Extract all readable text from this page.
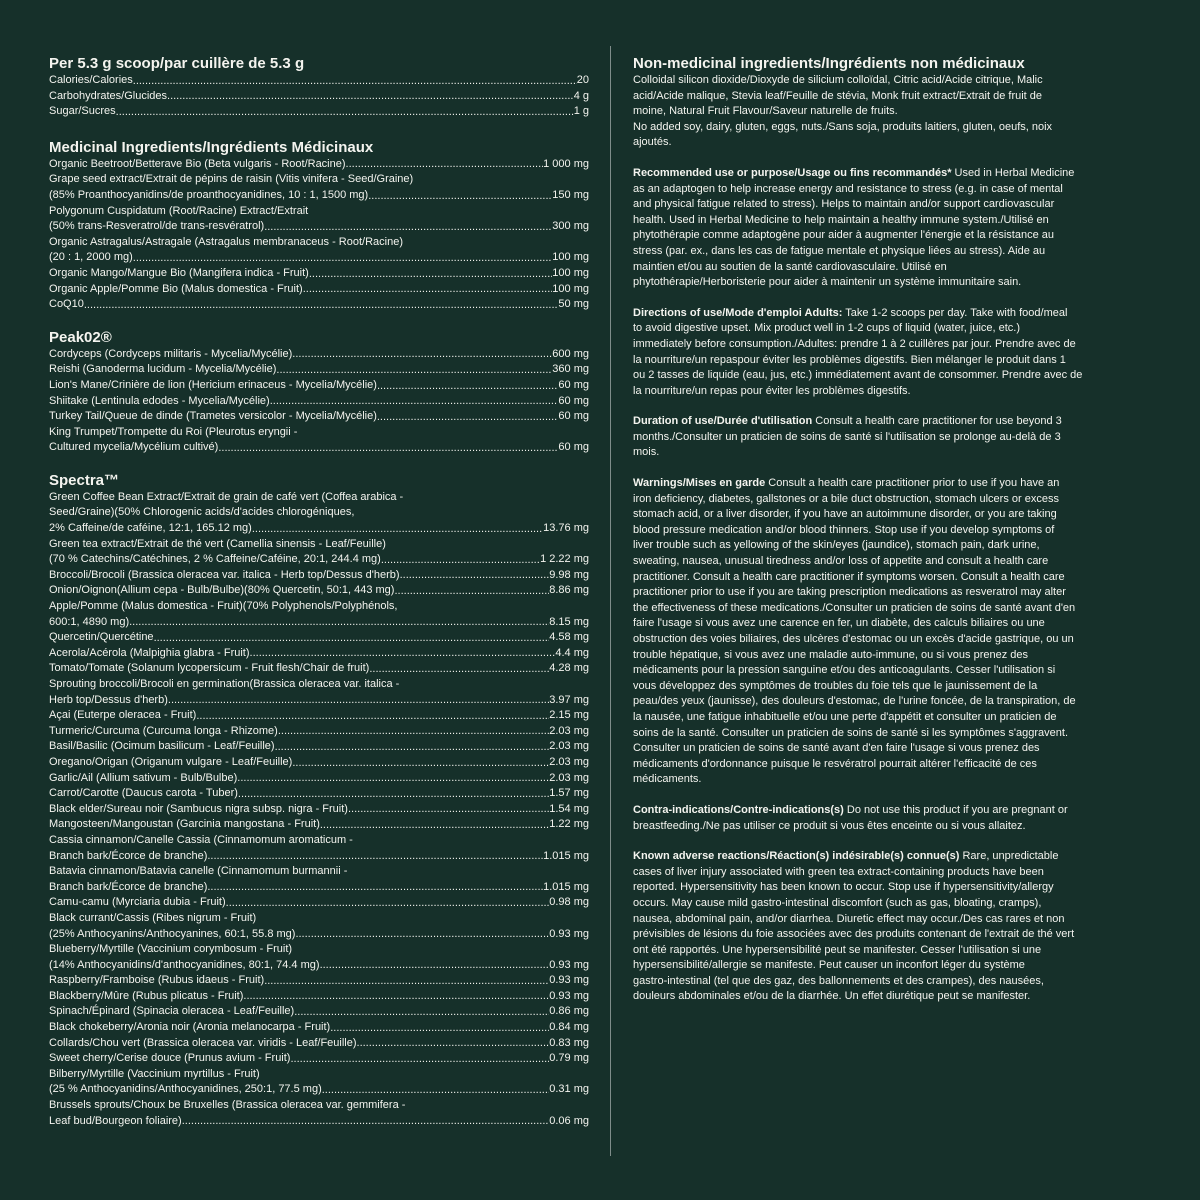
Per 5.3 g scoop/par cuillère de 5.3 g
Calories/Calories .....	20
Carbohydrates/Glucides .....	4 g
Sugar/Sucres .....	1 g
Medicinal Ingredients/Ingrédients Médicinaux
Organic Beetroot/Betterave Bio (Beta vulgaris - Root/Racine) .....	1 000 mg
Grape seed extract/Extrait de pépins de raisin (Vitis vinifera - Seed/Graine)
(85% Proanthocyanidins/de proanthocyanidines, 10 : 1, 1500 mg) .....	150 mg
Polygonum Cuspidatum (Root/Racine) Extract/Extrait
(50% trans-Resveratrol/de trans-resvératrol) .....	300 mg
Organic Astragalus/Astragale (Astragalus membranaceus - Root/Racine)
(20 : 1, 2000 mg) .....	100 mg
Organic Mango/Mangue Bio (Mangifera indica - Fruit) .....	100 mg
Organic Apple/Pomme Bio (Malus domestica - Fruit) .....	100 mg
CoQ10 .....	50 mg
Peak02®
Cordyceps (Cordyceps militaris - Mycelia/Mycélie) .....	600 mg
Reishi (Ganoderma lucidum - Mycelia/Mycélie) .....	360 mg
Lion's Mane/Crinière de lion (Hericium erinaceus - Mycelia/Mycélie) .....	60 mg
Shiitake (Lentinula edodes - Mycelia/Mycélie) .....	60 mg
Turkey Tail/Queue de dinde (Trametes versicolor - Mycelia/Mycélie) .....	60 mg
King Trumpet/Trompette du Roi (Pleurotus eryngii -
Cultured mycelia/Mycélium cultivé) .....	60 mg
Spectra™
Green Coffee Bean Extract/Extrait de grain de café vert (Coffea arabica -
Seed/Graine)(50% Chlorogenic acids/d'acides chlorogéniques,
2% Caffeine/de caféine, 12:1, 165.12 mg) .....	13.76 mg
Green tea extract/Extrait de thé vert (Camellia sinensis - Leaf/Feuille)
(70 % Catechins/Catéchines, 2 % Caffeine/Caféine, 20:1, 244.4 mg) .....	1 2.22 mg
Broccoli/Brocoli (Brassica oleracea var. italica - Herb top/Dessus d'herb) .....	9.98 mg
Onion/Oignon(Allium cepa - Bulb/Bulbe)(80% Quercetin, 50:1, 443 mg) .....	8.86 mg
Apple/Pomme (Malus domestica - Fruit)(70% Polyphenols/Polyphénols,
600:1, 4890 mg) .....	8.15 mg
Quercetin/Quercétine .....	4.58 mg
Acerola/Acérola (Malpighia glabra - Fruit) .....	4.4 mg
Tomato/Tomate (Solanum lycopersicum - Fruit flesh/Chair de fruit) .....	4.28 mg
Sprouting broccoli/Brocoli en germination(Brassica oleracea var. italica -
Herb top/Dessus d'herb) .....	3.97 mg
Açai (Euterpe oleracea - Fruit) .....	2.15 mg
Turmeric/Curcuma (Curcuma longa - Rhizome) .....	2.03 mg
Basil/Basilic (Ocimum basilicum - Leaf/Feuille) .....	2.03 mg
Oregano/Origan (Origanum vulgare - Leaf/Feuille) .....	2.03 mg
Garlic/Ail (Allium sativum - Bulb/Bulbe) .....	2.03 mg
Carrot/Carotte (Daucus carota - Tuber) .....	1.57 mg
Black elder/Sureau noir (Sambucus nigra subsp. nigra - Fruit) .....	1.54 mg
Mangosteen/Mangoustan (Garcinia mangostana - Fruit) .....	1.22 mg
Cassia cinnamon/Canelle Cassia (Cinnamomum aromaticum -
Branch bark/Écorce de branche) .....	1.015 mg
Batavia cinnamon/Batavia canelle (Cinnamomum burmannii -
Branch bark/Écorce de branche) .....	1.015 mg
Camu-camu (Myrciaria dubia - Fruit) .....	0.98 mg
Black currant/Cassis (Ribes nigrum - Fruit)
(25% Anthocyanins/Anthocyanines, 60:1, 55.8 mg) .....	0.93 mg
Blueberry/Myrtille (Vaccinium corymbosum - Fruit)
(14% Anthocyanidins/d'anthocyanidines, 80:1, 74.4 mg) .....	0.93 mg
Raspberry/Framboise (Rubus idaeus - Fruit) .....	0.93 mg
Blackberry/Mûre (Rubus plicatus - Fruit) .....	0.93 mg
Spinach/Épinard (Spinacia oleracea - Leaf/Feuille) .....	0.86 mg
Black chokeberry/Aronia noir (Aronia melanocarpa - Fruit) .....	0.84 mg
Collards/Chou vert (Brassica oleracea var. viridis - Leaf/Feuille) .....	0.83 mg
Sweet cherry/Cerise douce (Prunus avium - Fruit) .....	0.79 mg
Bilberry/Myrtille (Vaccinium myrtillus - Fruit)
(25 % Anthocyanidins/Anthocyanidines, 250:1, 77.5 mg) .....	0.31 mg
Brussels sprouts/Choux be Bruxelles (Brassica oleracea var. gemmifera -
Leaf bud/Bourgeon foliaire) .....	0.06 mg
Non-medicinal ingredients/Ingrédients non médicinaux
Colloidal silicon dioxide/Dioxyde de silicium colloïdal, Citric acid/Acide citrique, Malic
acid/Acide malique, Stevia leaf/Feuille de stévia, Monk fruit extract/Extrait de fruit de
moine, Natural Fruit Flavour/Saveur naturelle de fruits.
No added soy, dairy, gluten, eggs, nuts./Sans soja, produits laitiers, gluten, oeufs, noix
ajoutés.
Recommended use or purpose/Usage ou fins recommandés* Used in Herbal Medicine
as an adaptogen to help increase energy and resistance to stress (e.g. in case of mental
and physical fatigue related to stress). Helps to maintain and/or support cardiovascular
health. Used in Herbal Medicine to help maintain a healthy immune system./Utilisé en
phytothérapie comme adaptogène pour aider à augmenter l'énergie et la résistance au
stress (par. ex., dans les cas de fatigue mentale et physique liées au stress). Aide au
maintien et/ou au soutien de la santé cardiovasculaire. Utilisé en
phytothérapie/Herboristerie pour aider à maintenir un système immunitaire sain.
Directions of use/Mode d'emploi Adults: Take 1-2 scoops per day. Take with food/meal
to avoid digestive upset. Mix product well in 1-2 cups of liquid (water, juice, etc.)
immediately before consumption./Adultes: prendre 1 à 2 cuillères par jour. Prendre avec de
la nourriture/un repaspour éviter les problèmes digestifs. Bien mélanger le produit dans 1
ou 2 tasses de liquide (eau, jus, etc.) immédiatement avant de consommer. Prendre avec de
la nourriture/un repas pour éviter les problèmes digestifs.
Duration of use/Durée d'utilisation Consult a health care practitioner for use beyond 3
months./Consulter un praticien de soins de santé si l'utilisation se prolonge au-delà de 3
mois.
Warnings/Mises en garde Consult a health care practitioner prior to use if you have an
iron deficiency, diabetes, gallstones or a bile duct obstruction, stomach ulcers or excess
stomach acid, or a liver disorder, if you have an autoimmune disorder, or you are taking
blood pressure medication and/or blood thinners. Stop use if you develop symptoms of
liver trouble such as yellowing of the skin/eyes (jaundice), stomach pain, dark urine,
sweating, nausea, unusual tiredness and/or loss of appetite and consult a health care
practitioner. Consult a health care practitioner if symptoms worsen. Consult a health care
practitioner prior to use if you are taking prescription medications as resveratrol may alter
the effectiveness of these medications./Consulter un praticien de soins de santé avant d'en
faire l'usage si vous avez une carence en fer, un diabète, des calculs biliaires ou une
obstruction des voies biliaires, des ulcères d'estomac ou un excès d'acide gastrique, ou un
trouble hépatique, si vous avez une maladie auto-immune, ou si vous prenez des
médicaments pour la pression sanguine et/ou des anticoagulants. Cesser l'utilisation si
vous développez des symptômes de troubles du foie tels que le jaunissement de la
peau/des yeux (jaunisse), des douleurs d'estomac, de l'urine foncée, de la transpiration, de
la nausée, une fatigue inhabituelle et/ou une perte d'appétit et consulter un praticien de
soins de la santé. Consulter un praticien de soins de santé si les symptômes s'aggravent.
Consulter un praticien de soins de santé avant d'en faire l'usage si vous prenez des
médicaments d'ordonnance puisque le resvératrol pourrait altérer l'efficacité de ces
médicaments.
Contra-indications/Contre-indications(s) Do not use this product if you are pregnant or
breastfeeding./Ne pas utiliser ce produit si vous êtes enceinte ou si vous allaitez.
Known adverse reactions/Réaction(s) indésirable(s) connue(s) Rare, unpredictable
cases of liver injury associated with green tea extract-containing products have been
reported. Hypersensitivity has been known to occur. Stop use if hypersensitivity/allergy
occurs. May cause mild gastro-intestinal discomfort (such as gas, bloating, cramps),
nausea, abdominal pain, and/or diarrhea. Diuretic effect may occur./Des cas rares et non
prévisibles de lésions du foie associées avec des produits contenant de l'extrait de thé vert
ont été rapportés. Une hypersensibilité peut se manifester. Cesser l'utilisation si une
hypersensibilité/allergie se manifeste. Peut causer un inconfort léger du système
gastro-intestinal (tel que des gaz, des ballonnements et des crampes), des nausées,
douleurs abdominales et/ou de la diarrhée. Un effet diurétique peut se manifester.
